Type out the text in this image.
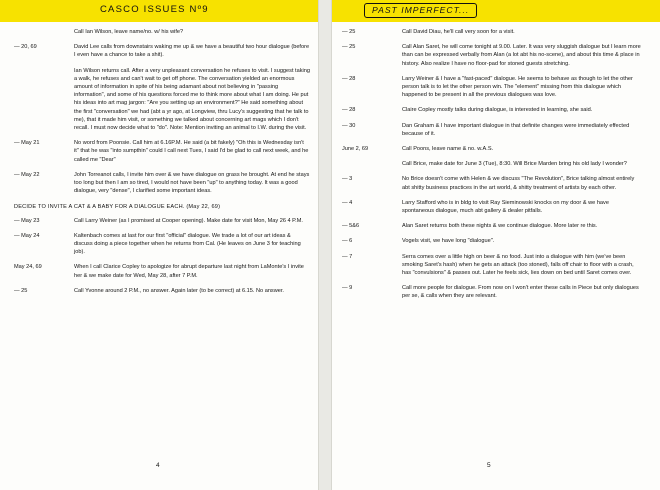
CASCO ISSUES Nº9	PAST IMPERFECT...
Call Ian Wilson, leave name/no. w/ his wife?
— 20, 69	David Lee calls from downstairs waking me up & we have a beautiful two hour dialogue (before I even have a chance to take a shit).
Ian Wilson returns call. After a very unpleasant conversation he refuses to visit. I suggest taking a walk, he refuses and can't wait to get off phone. The conversation yielded an enormous amount of information in spite of his being adamant about not believing in "passing information", and some of his questions forced me to think more about what I am doing. He put his ideas into art mag jargon: "Are you setting up an environment?" He said something about the first "conversation" we had (abt a yr ago, at Longview, thru Lucy's suggesting that he talk to me), that it made him visit, or something we talked about concerning art mags which I don't recall. I must now decide what to "do". Note: Mention inviting an animal to I.W. during the visit.
— May 21	No word from Poonsie. Call him at 6.16P.M. He said (a bit fakely) "Oh this is Wednesday isn't it" that he was "into sumpthin" could I call next Tues, I said I'd be glad to call next week, and he called me "Dear"
— May 22	John Torreanot calls, I invite him over & we have dialogue on grass he brought. At end he stays too long but then I am so tired, I would not have been "up" to anything today. It was a good dialogue, very "dense", I clarified some important ideas.
DECIDE TO INVITE A CAT & A BABY FOR A DIALOGUE EACH. (May 22, 69)
— May 23	Call Larry Weiner (as I promised at Cooper opening). Make date for visit Mon, May 26 4 P.M.
— May 24	Kaltenbach comes at last for our first "official" dialogue. We trade a lot of our art ideas & discuss doing a piece together when he returns from Cal. (He leaves on June 3 for teaching job).
May 24, 69	When I call Clarice Copley to apologize for abrupt departure last night from LaMonte's I invite her & we make date for Wed, May 28, after 7 P.M.
— 25	Call Yvonne around 2 P.M., no answer. Again later (to be correct) at 6.15. No answer.
— 25	Call David Diau, he'll call very soon for a visit.
— 25	Call Alan Saret, he will come tonight at 9.00. Later. It was very sluggish dialogue but I learn more than can be expressed verbally from Alan (a lot abt his no-scene), and about this time & place in history. Also realize I have no floor-pad for stoned guests stretching.
— 28	Larry Weiner & I have a "fast-paced" dialogue. He seems to behave as though to let the other person talk is to let the other person win. The "element" missing from this dialogue which happened to be present in all the previous dialogues was love.
— 28	Claire Copley mostly talks during dialogue, is interested in learning, she said.
— 30	Dan Graham & I have important dialogue in that definite changes were immediately effected because of it.
June 2, 69	Call Poons, leave name & no. w.A.S.
Call Brice, make date for June 3 (Tue), 8:30. Will Brice Marden bring his old lady I wonder?
— 3	No Brice doesn't come with Helen & we discuss "The Revolution", Brice talking almost entirely abt shitty business practices in the art world, & shitty treatment of artists by each other.
— 4	Larry Stafford who is in bldg to visit Ray Sieminowski knocks on my door & we have spontaneous dialogue, much abt gallery & dealer pitfalls.
— 5&6	Alan Saret returns both these nights & we continue dialogue. More later re this.
— 6	Vogels visit, we have long "dialogue".
— 7	Serra comes over a little high on beer & no food. Just into a dialogue with him (we've been smoking Saret's hash) when he gets an attack (too stoned), falls off chair to floor with a crash, has "convulsions" & passes out. Later he feels sick, lies down on bed until Saret comes over.
— 9	Call more people for dialogue. From now on I won't enter these calls in Piece but only dialogues per se, & calls when they are relevant.
4	5
